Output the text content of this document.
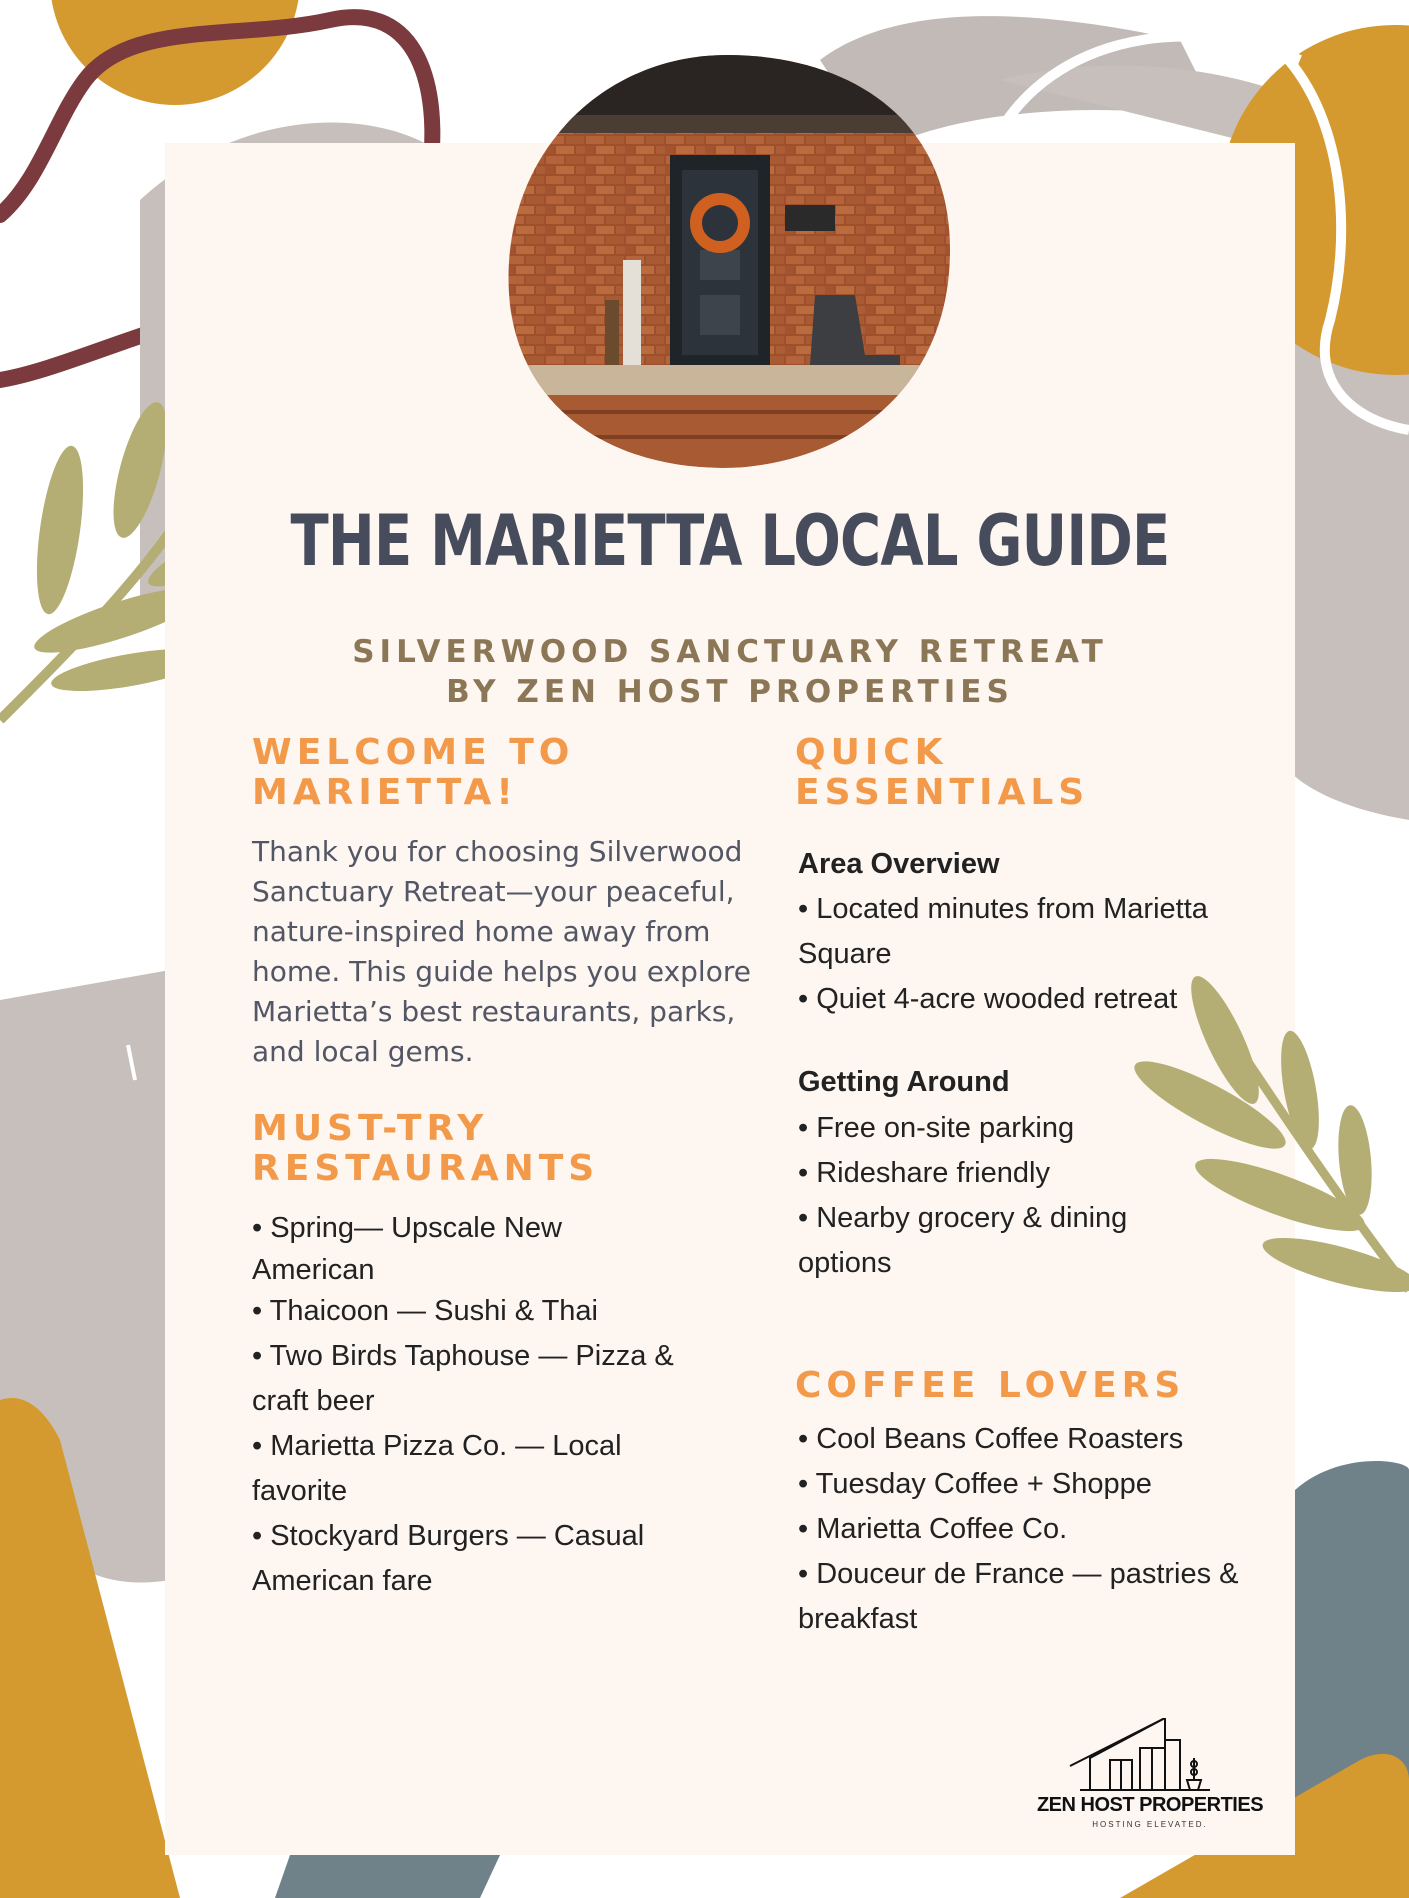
THE MARIETTA LOCAL GUIDE
SILVERWOOD SANCTUARY RETREAT
BY ZEN HOST PROPERTIES
WELCOME TO
MARIETTA!
Thank you for choosing Silverwood
Sanctuary Retreat—your peaceful,
nature-inspired home away from
home. This guide helps you explore
Marietta’s best restaurants, parks,
and local gems.
MUST-TRY
RESTAURANTS
• Spring— Upscale New
American
• Thaicoon — Sushi & Thai
• Two Birds Taphouse — Pizza &
craft beer
• Marietta Pizza Co. — Local
favorite
• Stockyard Burgers — Casual
American fare
QUICK
ESSENTIALS
Area Overview
• Located minutes from Marietta
Square
• Quiet 4-acre wooded retreat
Getting Around
• Free on-site parking
• Rideshare friendly
• Nearby grocery & dining
options
COFFEE LOVERS
• Cool Beans Coffee Roasters
• Tuesday Coffee + Shoppe
• Marietta Coffee Co.
• Douceur de France — pastries &
breakfast
ZEN HOST PROPERTIES
HOSTING ELEVATED.
